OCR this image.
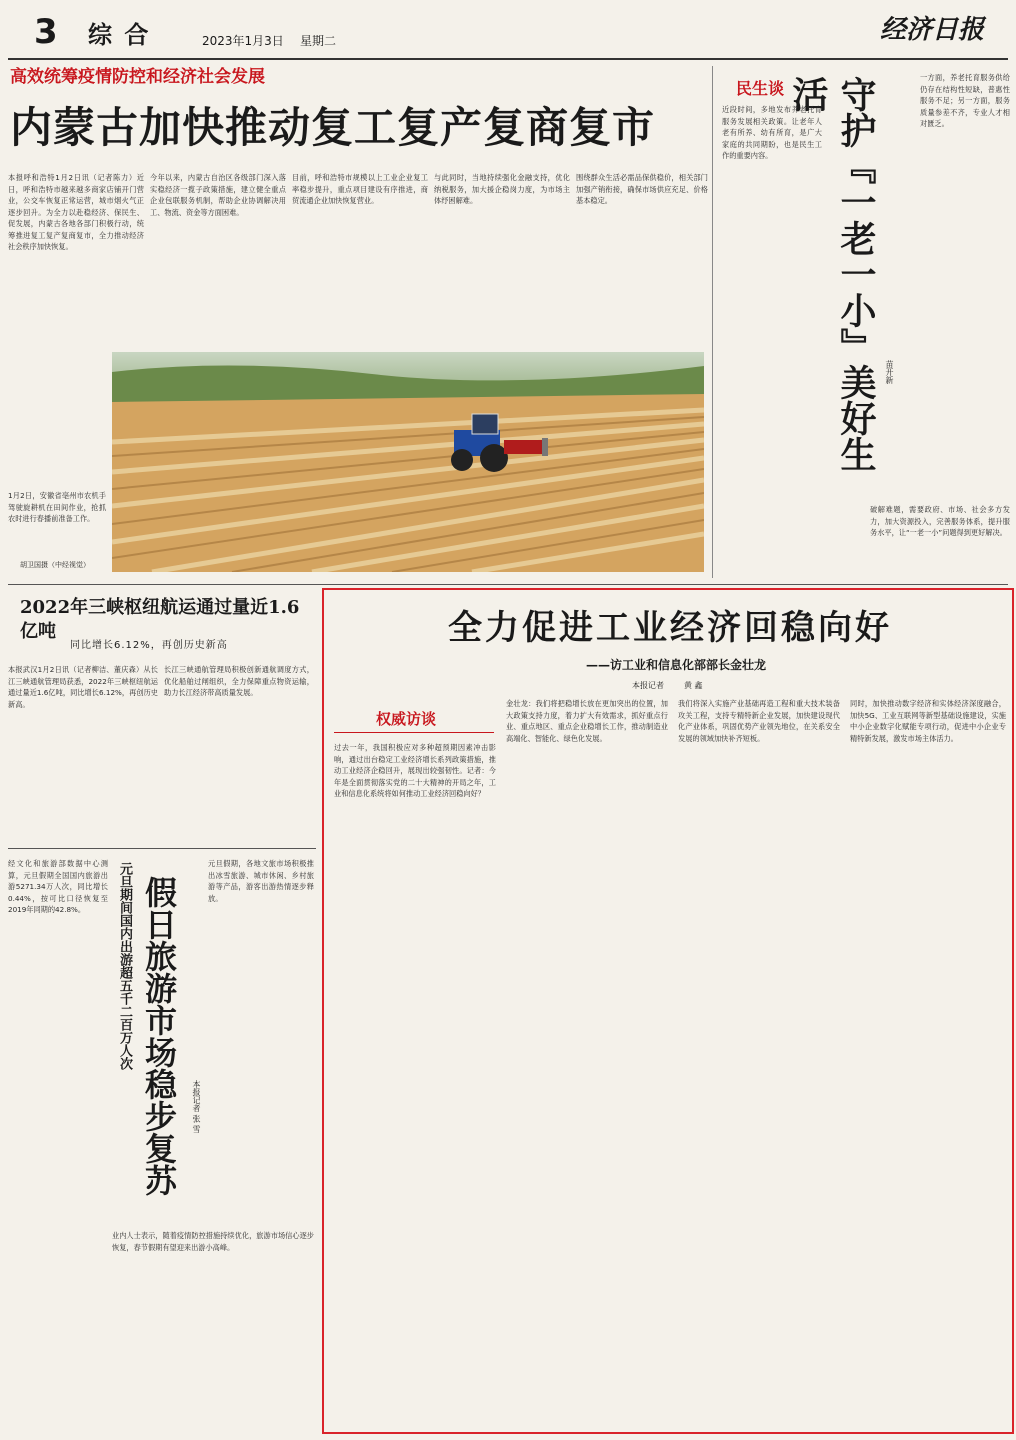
3 综 合	2023年1月3日 星期二	经济日报
高效统筹疫情防控和经济社会发展
内蒙古加快推动复工复产复商复市
本报呼和浩特1月2日讯（记者陈力）近日，呼和浩特市越来越多商家店铺开门营业，公交车恢复正常运营，城市烟火气正逐步回升。为全力以赴稳经济、保民生、促发展，内蒙古各地各部门积极行动，统筹推进复工复产复商复市，全力推动经济社会秩序加快恢复。
今年以来，内蒙古自治区各级部门深入落实稳经济一揽子政策措施，建立健全重点企业包联服务机制，帮助企业协调解决用工、物流、资金等方面困难。
目前，呼和浩特市规模以上工业企业复工率稳步提升，重点项目建设有序推进，商贸流通企业加快恢复营业。
与此同时，当地持续强化金融支持，优化纳税服务，加大援企稳岗力度，为市场主体纾困解难。
围绕群众生活必需品保供稳价，相关部门加强产销衔接，确保市场供应充足、价格基本稳定。
1月2日，安徽省亳州市农机手驾驶旋耕机在田间作业，抢抓农时进行春播前准备工作。
胡卫国摄（中经视觉）
民生谈 守护『一老一小』美好生活
苗开新
近段时间，多地发布养老托育服务发展相关政策。让老年人老有所养、幼有所育，是广大家庭的共同期盼，也是民生工作的重要内容。
一方面，养老托育服务供给仍存在结构性短缺，普惠性服务不足；另一方面，服务质量参差不齐，专业人才相对匮乏。
破解难题，需要政府、市场、社会多方发力，加大资源投入，完善服务体系，提升服务水平，让“一老一小”问题得到更好解决。
2022年三峡枢纽航运通过量近1.6亿吨
同比增长6.12%，再创历史新高
本报武汉1月2日讯（记者柳洁、董庆森）从长江三峡通航管理局获悉，2022年三峡枢纽航运通过量近1.6亿吨，同比增长6.12%，再创历史新高。
长江三峡通航管理局积极创新通航调度方式，优化船舶过闸组织，全力保障重点物资运输，助力长江经济带高质量发展。
经文化和旅游部数据中心测算，元旦假期全国国内旅游出游5271.34万人次，同比增长0.44%，按可比口径恢复至2019年同期的42.8%。	元旦期间国内出游超五千二百万人次 假日旅游市场稳步复苏	本报记者 张 雪
元旦假期，各地文旅市场积极推出冰雪旅游、城市休闲、乡村旅游等产品，游客出游热情逐步释放。
业内人士表示，随着疫情防控措施持续优化，旅游市场信心逐步恢复，春节假期有望迎来出游小高峰。
全力促进工业经济回稳向好
——访工业和信息化部部长金壮龙
本报记者	黄 鑫
权威访谈
过去一年，我国积极应对多种超预期因素冲击影响，通过出台稳定工业经济增长系列政策措施，推动工业经济企稳回升，展现出较强韧性。记者：今年是全面贯彻落实党的二十大精神的开局之年，工业和信息化系统将如何推动工业经济回稳向好？
金壮龙：我们将把稳增长放在更加突出的位置，加大政策支持力度，着力扩大有效需求，抓好重点行业、重点地区、重点企业稳增长工作，推动制造业高端化、智能化、绿色化发展。
我们将深入实施产业基础再造工程和重大技术装备攻关工程，支持专精特新企业发展，加快建设现代化产业体系，巩固优势产业领先地位，在关系安全发展的领域加快补齐短板。
同时，加快推动数字经济和实体经济深度融合，加快5G、工业互联网等新型基础设施建设，实施中小企业数字化赋能专项行动，促进中小企业专精特新发展，激发市场主体活力。
